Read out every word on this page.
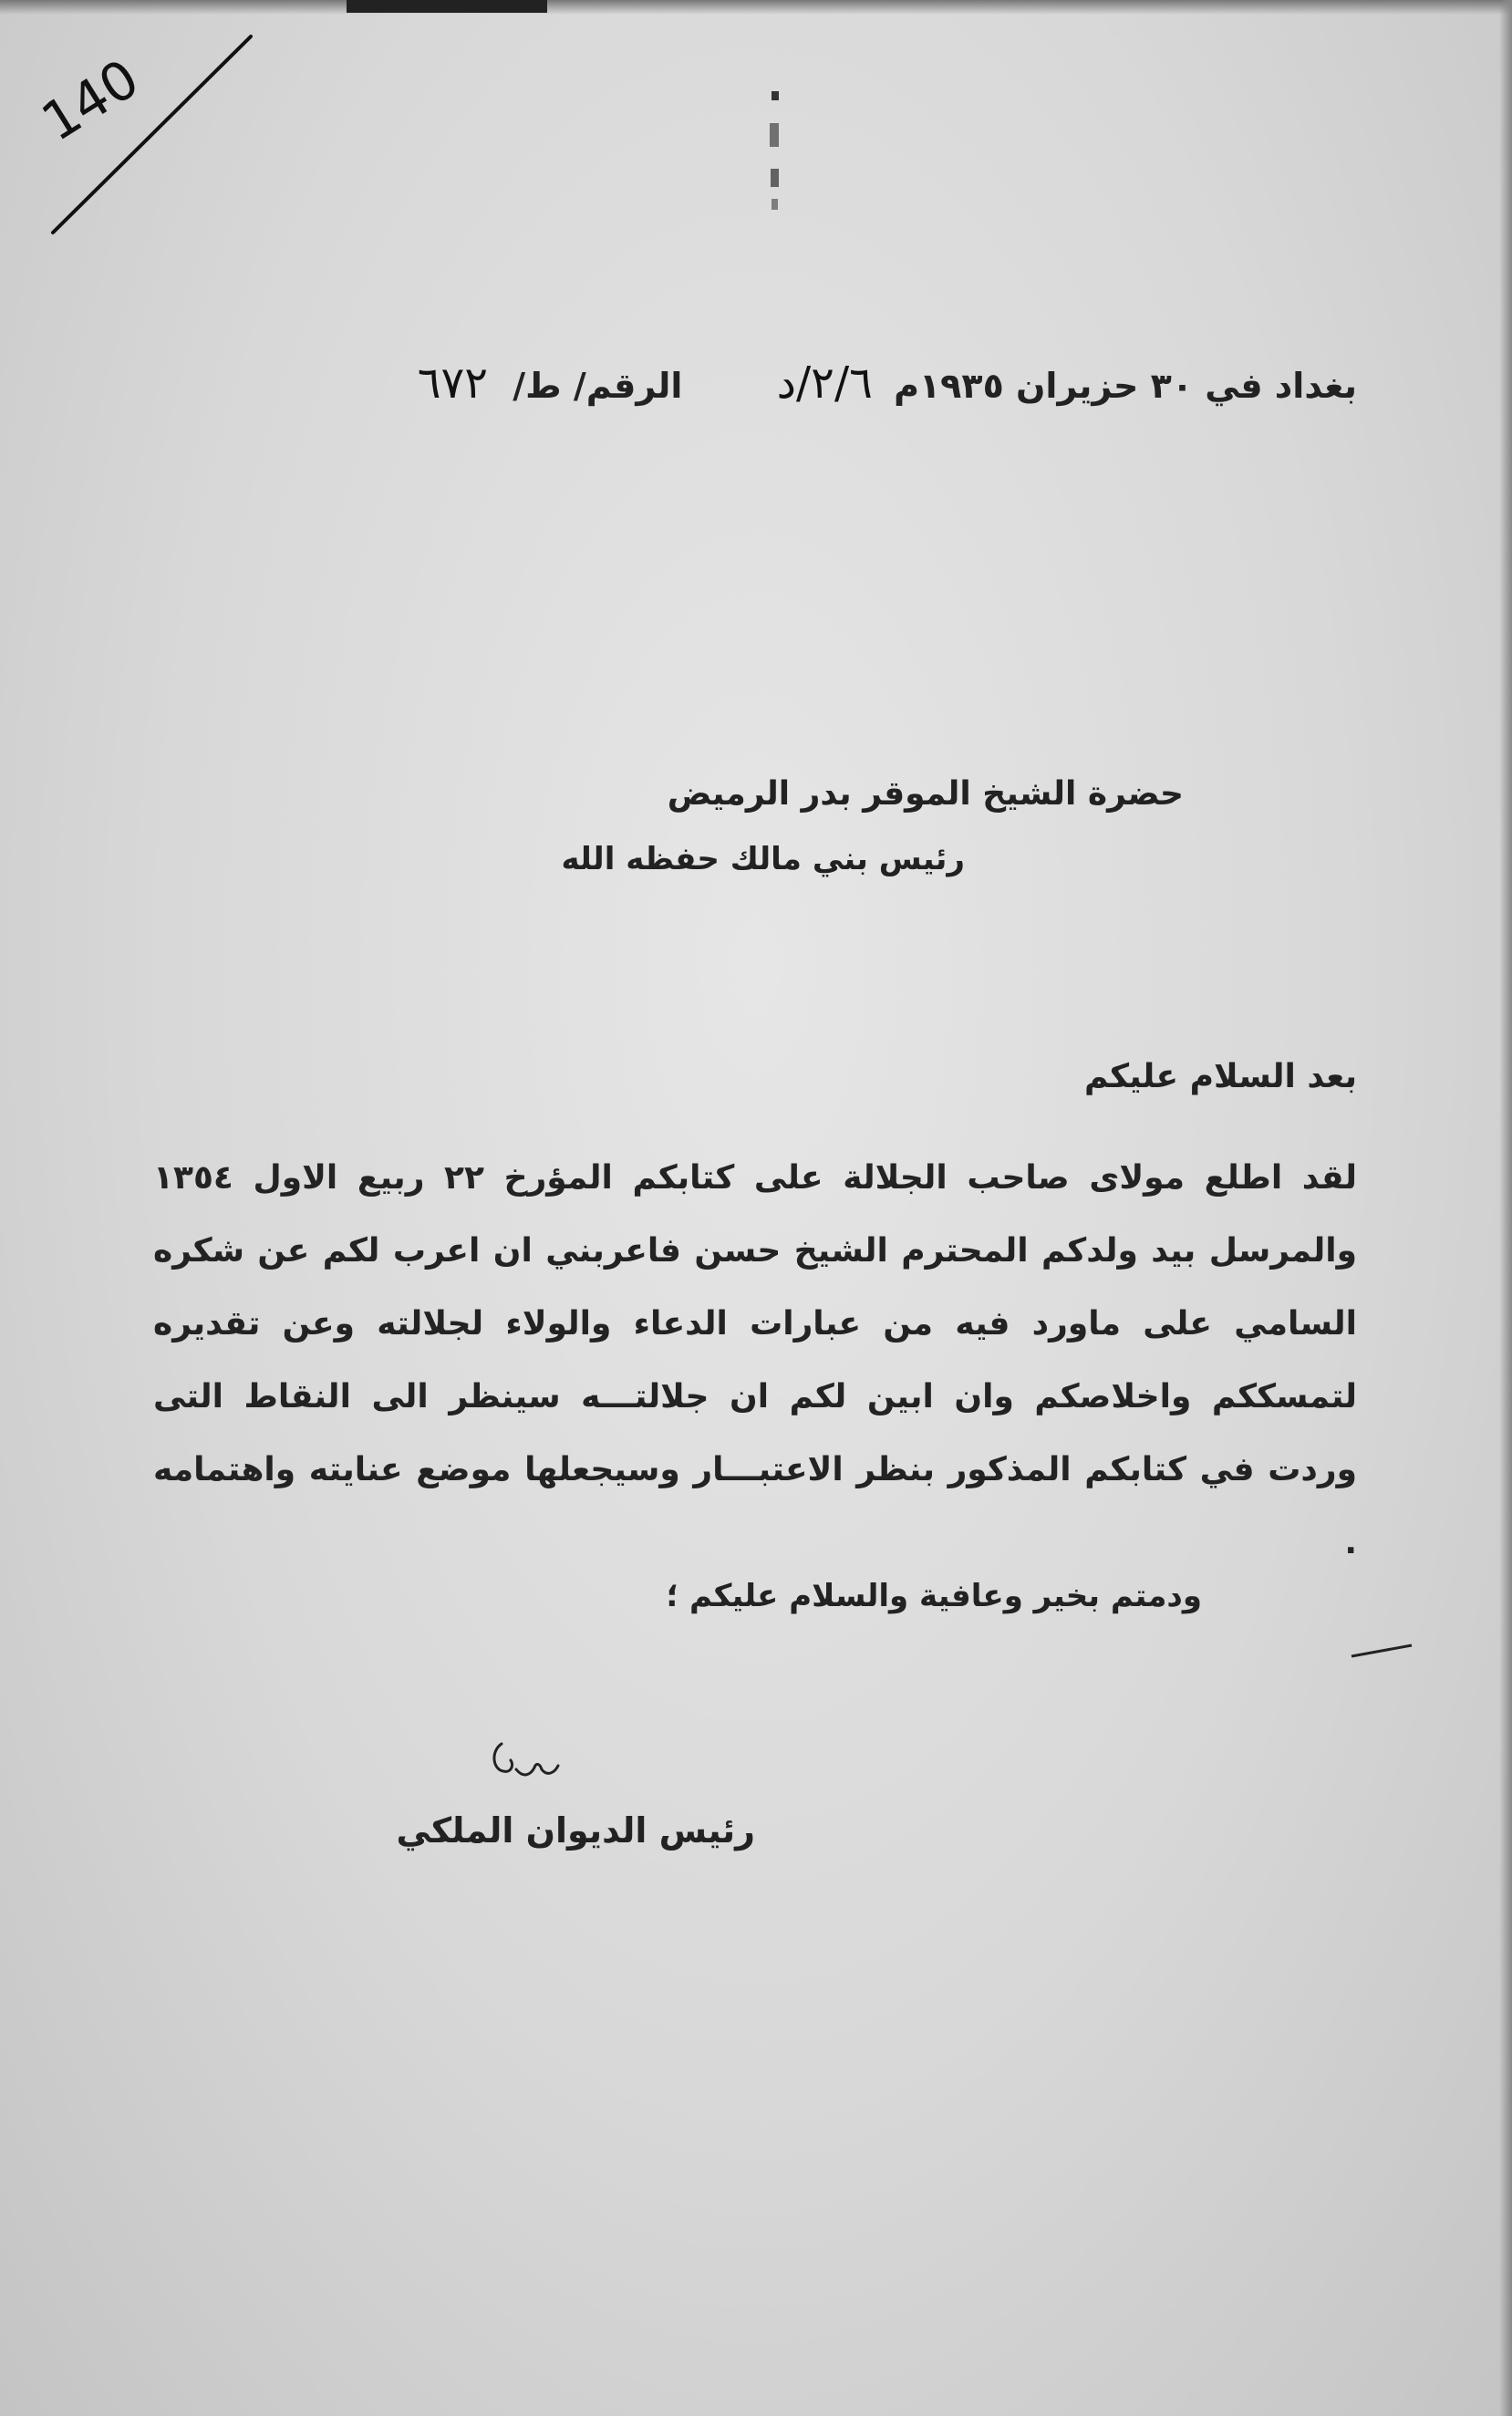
140
بغداد في ٣٠ حزيران ١٩٣٥م ٢/٦/د الرقم/ ط/ ٦٧٢
حضرة الشيخ الموقر بدر الرميض
رئيس بني مالك حفظه الله
بعد السلام عليكم
لقد اطلع مولاى صاحب الجلالة على كتابكم المؤرخ ٢٢ ربيع الاول ١٣٥٤ والمرسل بيد ولدكم المحترم الشيخ حسن فاعربني ان اعرب لكم عن شكره السامي على ماورد فيه من عبارات الدعاء والولاء لجلالته وعن تقديره لتمسككم واخلاصكم وان ابين لكم ان جلالتـــه سينظر الى النقاط التى وردت في كتابكم المذكور بنظر الاعتبـــار وسيجعلها موضع عنايته واهتمامه .
ودمتم بخير وعافية والسلام عليكم ؛
رئيس الديوان الملكي
